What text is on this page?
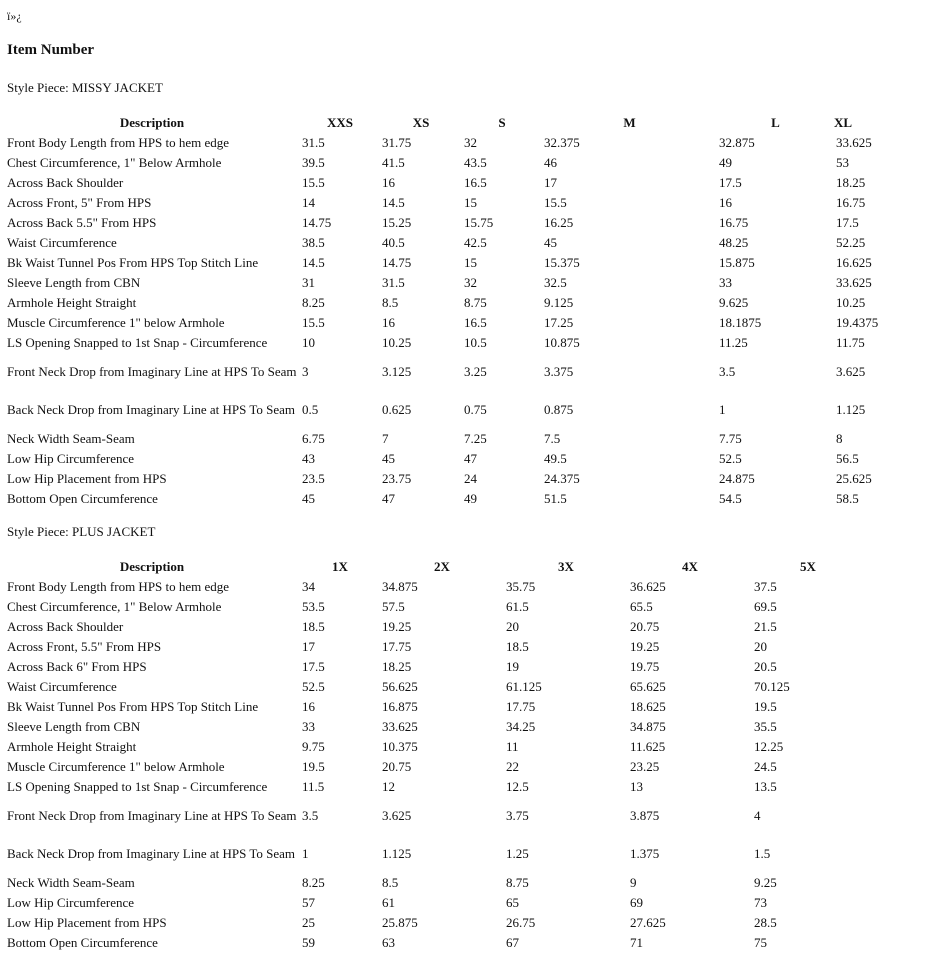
ï»¿
Item Number
Style Piece: MISSY JACKET
Description	XXS	XS	S	M	L	XL
Front Body Length from HPS to hem edge	31.5	31.75	32	32.375	32.875	33.625
Chest Circumference, 1" Below Armhole	39.5	41.5	43.5	46	49	53
Across Back Shoulder	15.5	16	16.5	17	17.5	18.25
Across Front, 5" From HPS	14	14.5	15	15.5	16	16.75
Across Back 5.5" From HPS	14.75	15.25	15.75	16.25	16.75	17.5
Waist Circumference	38.5	40.5	42.5	45	48.25	52.25
Bk Waist Tunnel Pos From HPS Top Stitch Line	14.5	14.75	15	15.375	15.875	16.625
Sleeve Length from CBN	31	31.5	32	32.5	33	33.625
Armhole Height Straight	8.25	8.5	8.75	9.125	9.625	10.25
Muscle Circumference 1" below Armhole	15.5	16	16.5	17.25	18.1875	19.4375
LS Opening Snapped to 1st Snap - Circumference	10	10.25	10.5	10.875	11.25	11.75
Front Neck Drop from Imaginary Line at HPS To Seam	3	3.125	3.25	3.375	3.5	3.625
Back Neck Drop from Imaginary Line at HPS To Seam	0.5	0.625	0.75	0.875	1	1.125
Neck Width Seam-Seam	6.75	7	7.25	7.5	7.75	8
Low Hip Circumference	43	45	47	49.5	52.5	56.5
Low Hip Placement from HPS	23.5	23.75	24	24.375	24.875	25.625
Bottom Open Circumference	45	47	49	51.5	54.5	58.5
Style Piece: PLUS JACKET
Description	1X	2X	3X	4X	5X
Front Body Length from HPS to hem edge	34	34.875	35.75	36.625	37.5
Chest Circumference, 1" Below Armhole	53.5	57.5	61.5	65.5	69.5
Across Back Shoulder	18.5	19.25	20	20.75	21.5
Across Front, 5.5" From HPS	17	17.75	18.5	19.25	20
Across Back 6" From HPS	17.5	18.25	19	19.75	20.5
Waist Circumference	52.5	56.625	61.125	65.625	70.125
Bk Waist Tunnel Pos From HPS Top Stitch Line	16	16.875	17.75	18.625	19.5
Sleeve Length from CBN	33	33.625	34.25	34.875	35.5
Armhole Height Straight	9.75	10.375	11	11.625	12.25
Muscle Circumference 1" below Armhole	19.5	20.75	22	23.25	24.5
LS Opening Snapped to 1st Snap - Circumference	11.5	12	12.5	13	13.5
Front Neck Drop from Imaginary Line at HPS To Seam	3.5	3.625	3.75	3.875	4
Back Neck Drop from Imaginary Line at HPS To Seam	1	1.125	1.25	1.375	1.5
Neck Width Seam-Seam	8.25	8.5	8.75	9	9.25
Low Hip Circumference	57	61	65	69	73
Low Hip Placement from HPS	25	25.875	26.75	27.625	28.5
Bottom Open Circumference	59	63	67	71	75
